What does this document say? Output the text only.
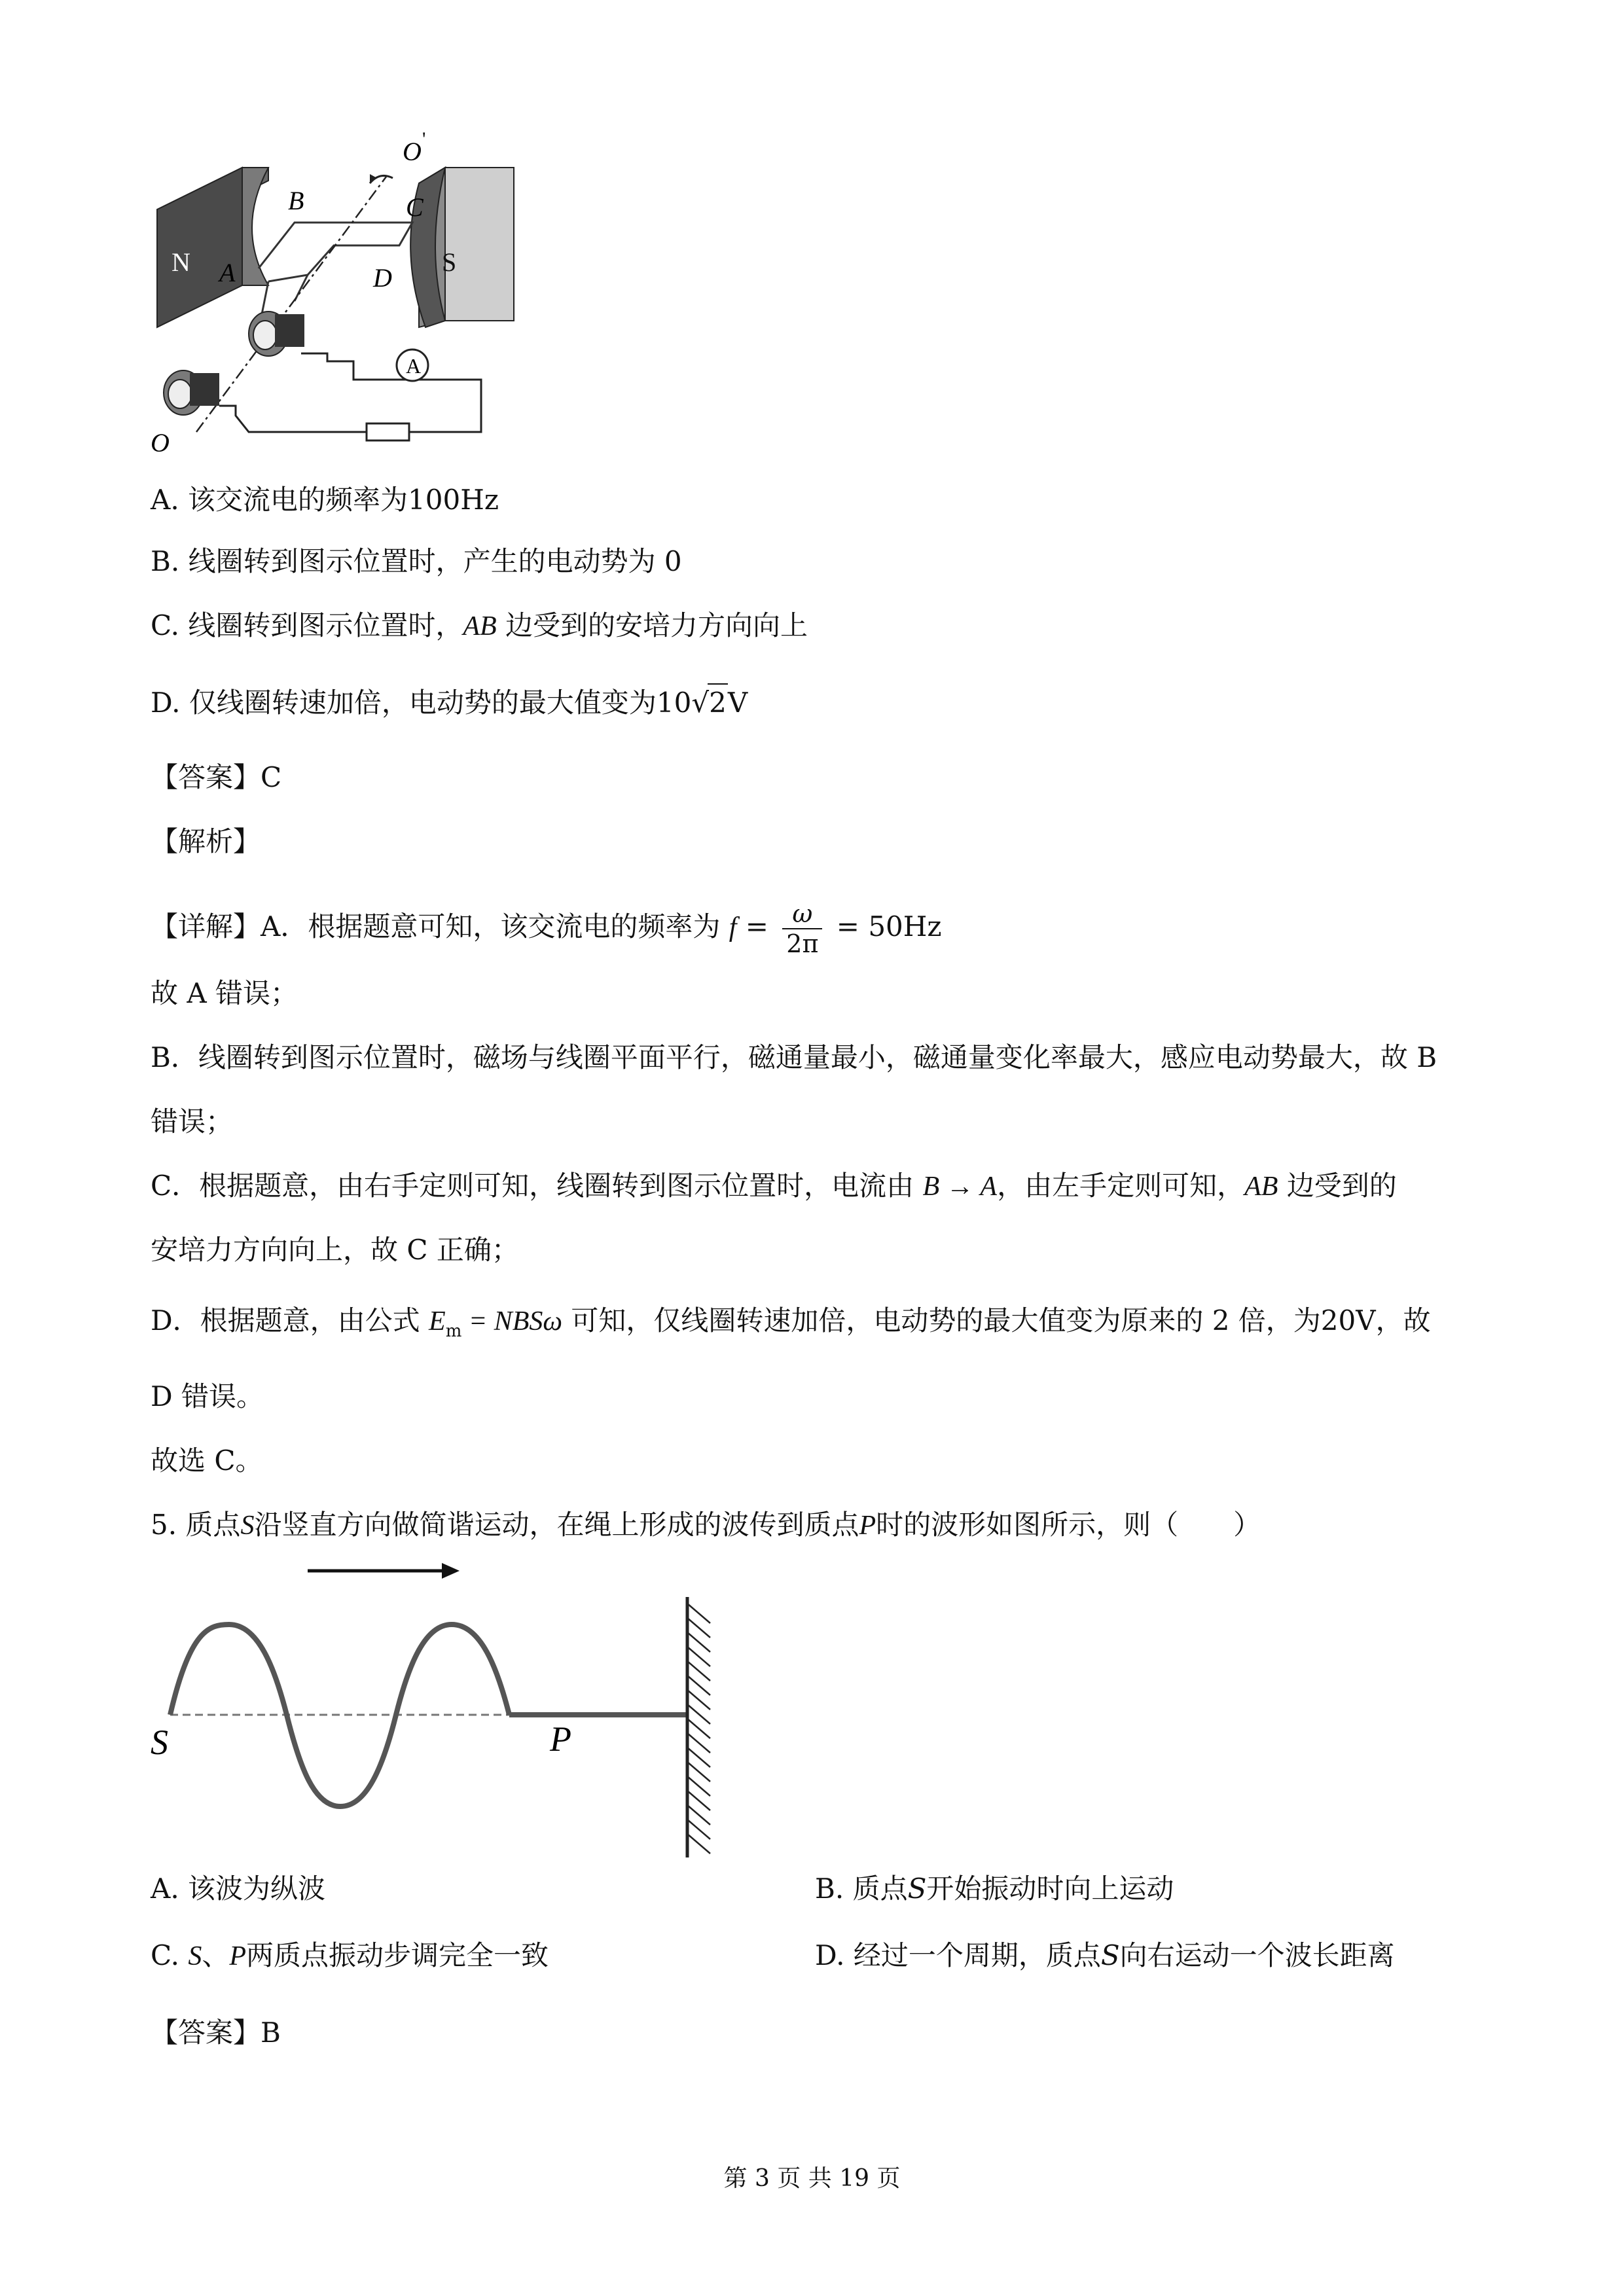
N	S
A
B	C
D
O
O '
A
A. 该交流电的频率为100Hz
B. 线圈转到图示位置时，产生的电动势为 0
C. 线圈转到图示位置时，AB 边受到的安培力方向向上
D. 仅线圈转速加倍，电动势的最大值变为10√2V
【答案】C
【解析】
【详解】A．根据题意可知，该交流电的频率为 $f = \frac{\omega}{2\pi} = 50Hz$
故 A 错误；
B．线圈转到图示位置时，磁场与线圈平面平行，磁通量最小，磁通量变化率最大，感应电动势最大，故 B
错误；
C．根据题意，由右手定则可知，线圈转到图示位置时，电流由 B → A，由左手定则可知，AB 边受到的
安培力方向向上，故 C 正确；
D．根据题意，由公式 $E_m = NBS\omega$ 可知，仅线圈转速加倍，电动势的最大值变为原来的 2 倍，为20V，故
D 错误。
故选 C。
5. 质点S沿竖直方向做简谐运动，在绳上形成的波传到质点P时的波形如图所示，则（　　）
S	P
A. 该波为纵波	B. 质点S开始振动时向上运动
C. S、P两质点振动步调完全一致	D. 经过一个周期，质点S向右运动一个波长距离
【答案】B
第 3 页 共 19 页
